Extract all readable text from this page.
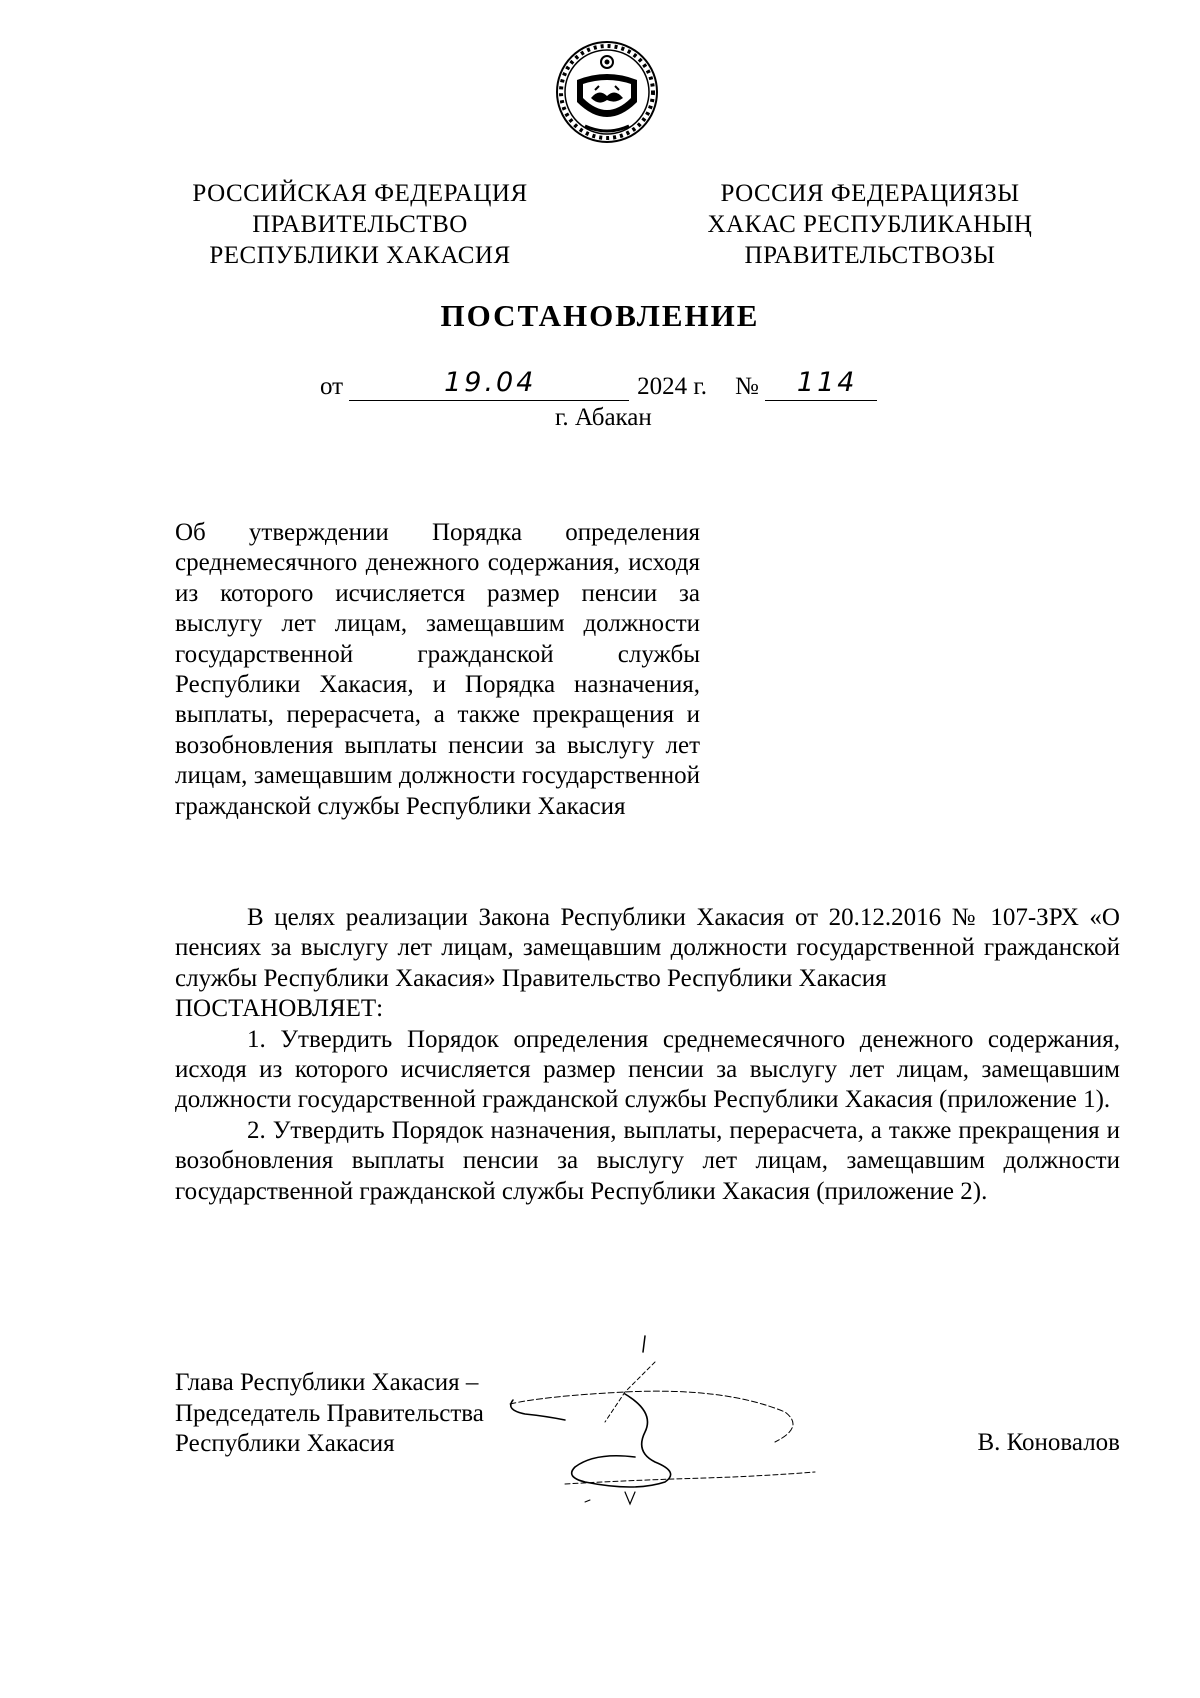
РОССИЙСКАЯ ФЕДЕРАЦИЯ
ПРАВИТЕЛЬСТВО
РЕСПУБЛИКИ ХАКАСИЯ
РОССИЯ ФЕДЕРАЦИЯЗЫ
ХАКАС РЕСПУБЛИКАНЫҢ
ПРАВИТЕЛЬСТВОЗЫ
ПОСТАНОВЛЕНИЕ
от	19.04	2024 г. № 114
г. Абакан
Об утверждении Порядка определения среднемесячного денежного содержания, исходя из которого исчисляется размер пенсии за выслугу лет лицам, замещавшим должности государственной гражданской службы Республики Хакасия, и Порядка назначения, выплаты, перерасчета, а также прекращения и возобновления выплаты пенсии за выслугу лет лицам, замещавшим должности государственной гражданской службы Республики Хакасия

В целях реализации Закона Республики Хакасия от 20.12.2016 № 107-ЗРХ «О пенсиях за выслугу лет лицам, замещавшим должности государственной гражданской службы Республики Хакасия» Правительство Республики Хакасия

ПОСТАНОВЛЯЕТ:

1. Утвердить Порядок определения среднемесячного денежного содержания, исходя из которого исчисляется размер пенсии за выслугу лет лицам, замещавшим должности государственной гражданской службы Республики Хакасия (приложение 1).

2. Утвердить Порядок назначения, выплаты, перерасчета, а также прекращения и возобновления выплаты пенсии за выслугу лет лицам, замещавшим должности государственной гражданской службы Республики Хакасия (приложение 2).

Глава Республики Хакасия –
Председатель Правительства
Республики Хакасия	В. Коновалов
